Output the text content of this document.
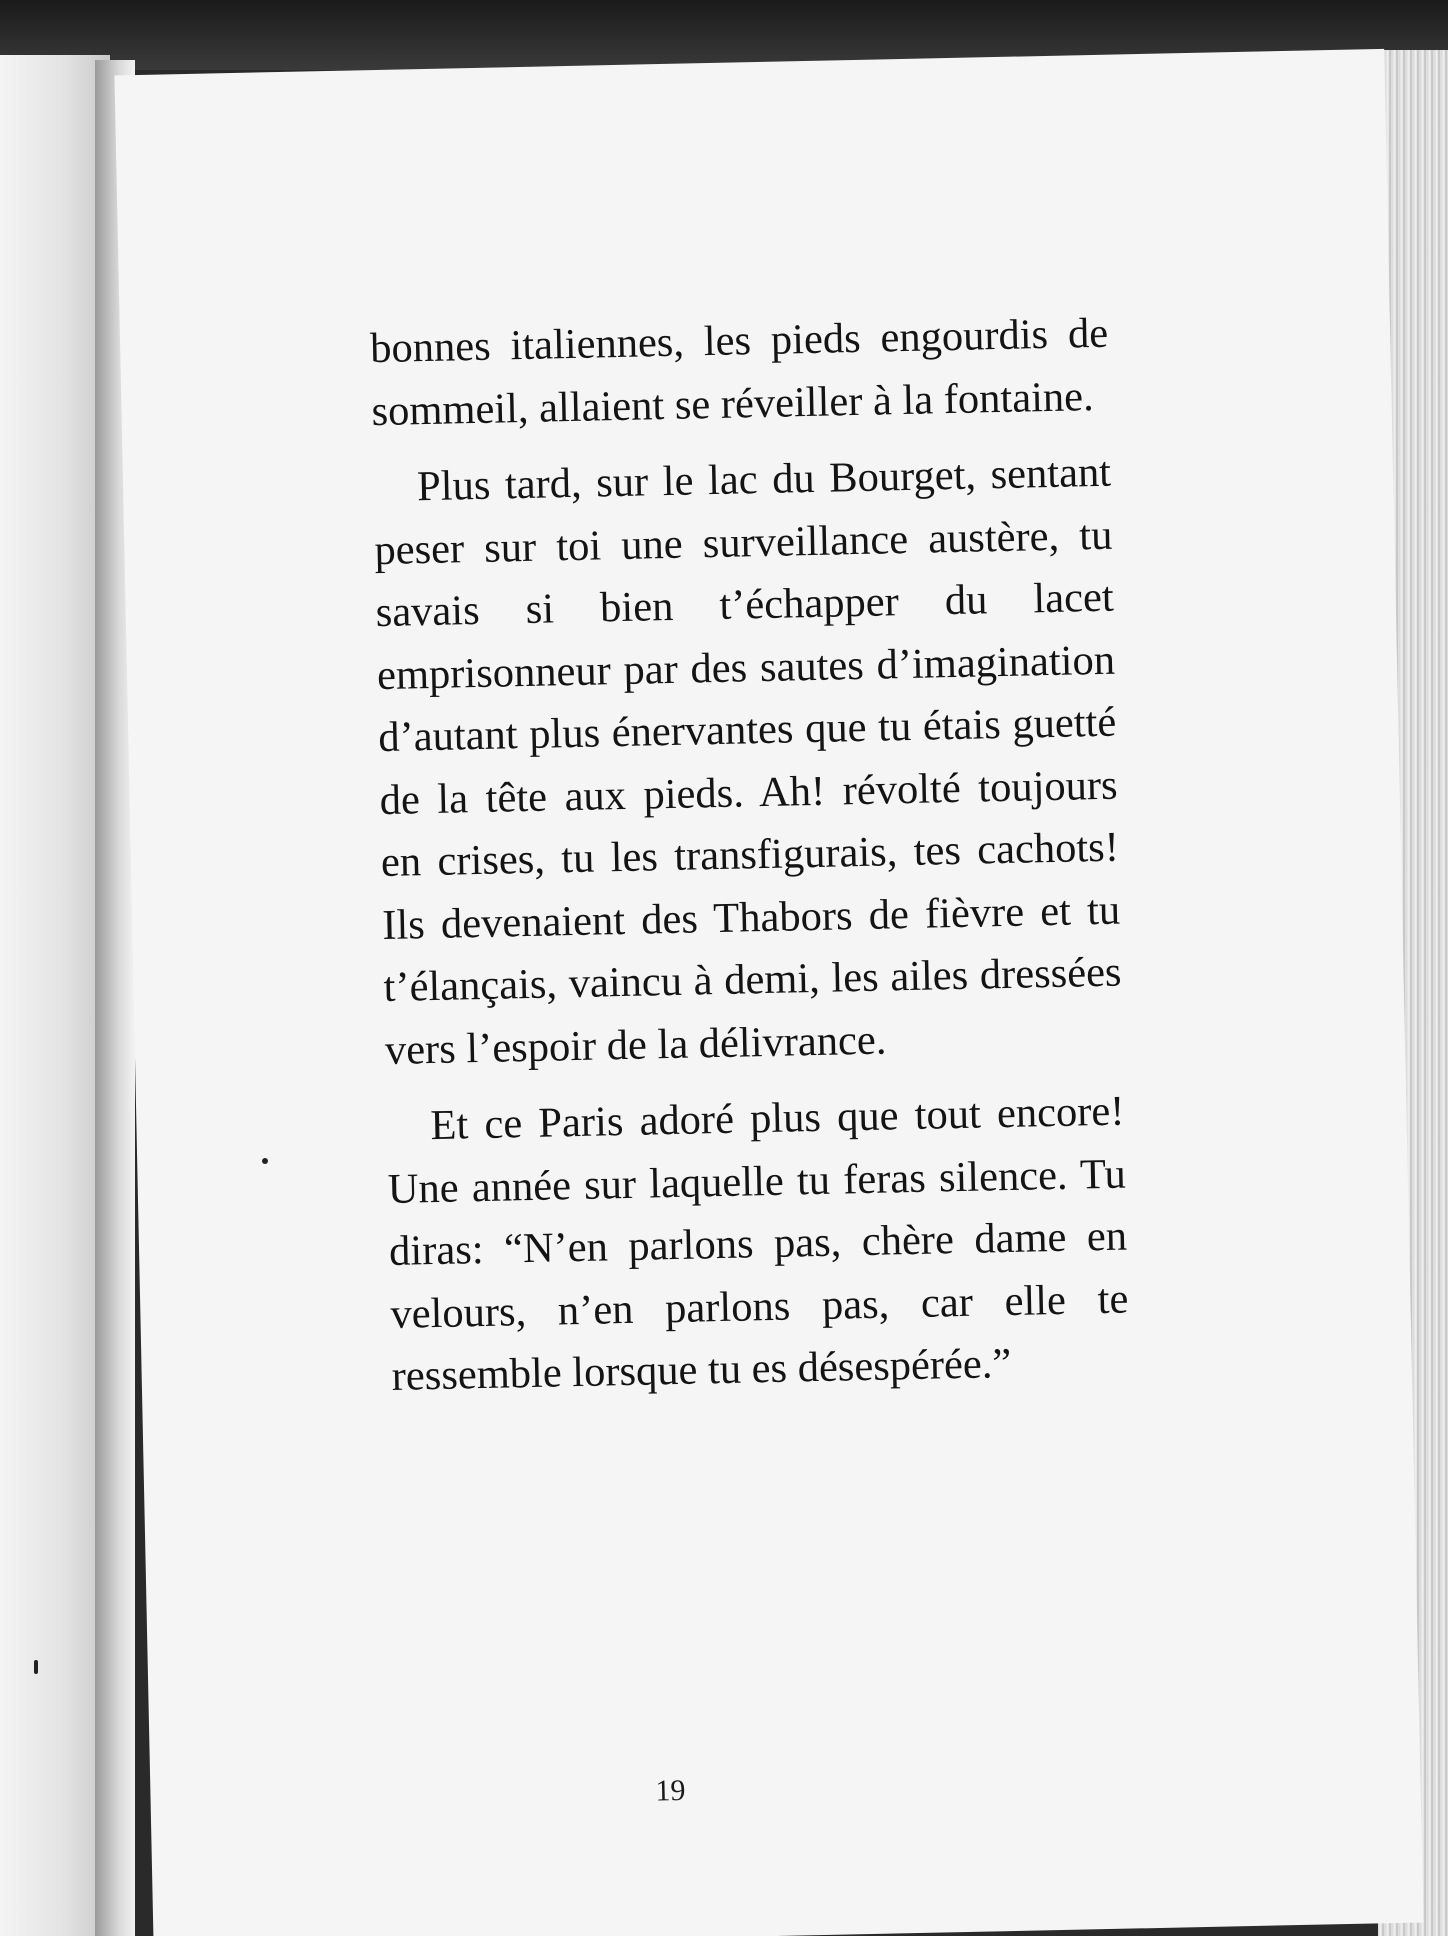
bonnes italiennes, les pieds engourdis de sommeil, allaient se réveiller à la fontaine.

Plus tard, sur le lac du Bourget, sentant peser sur toi une surveillance austère, tu savais si bien t’échapper du lacet emprisonneur par des sautes d’imagination d’autant plus énervantes que tu étais guetté de la tête aux pieds. Ah! révolté toujours en crises, tu les transfigurais, tes cachots! Ils devenaient des Thabors de fièvre et tu t’élançais, vaincu à demi, les ailes dressées vers l’espoir de la délivrance.

Et ce Paris adoré plus que tout encore! Une année sur laquelle tu feras silence. Tu diras: “N’en parlons pas, chère dame en velours, n’en parlons pas, car elle te ressemble lorsque tu es désespérée.”

19
